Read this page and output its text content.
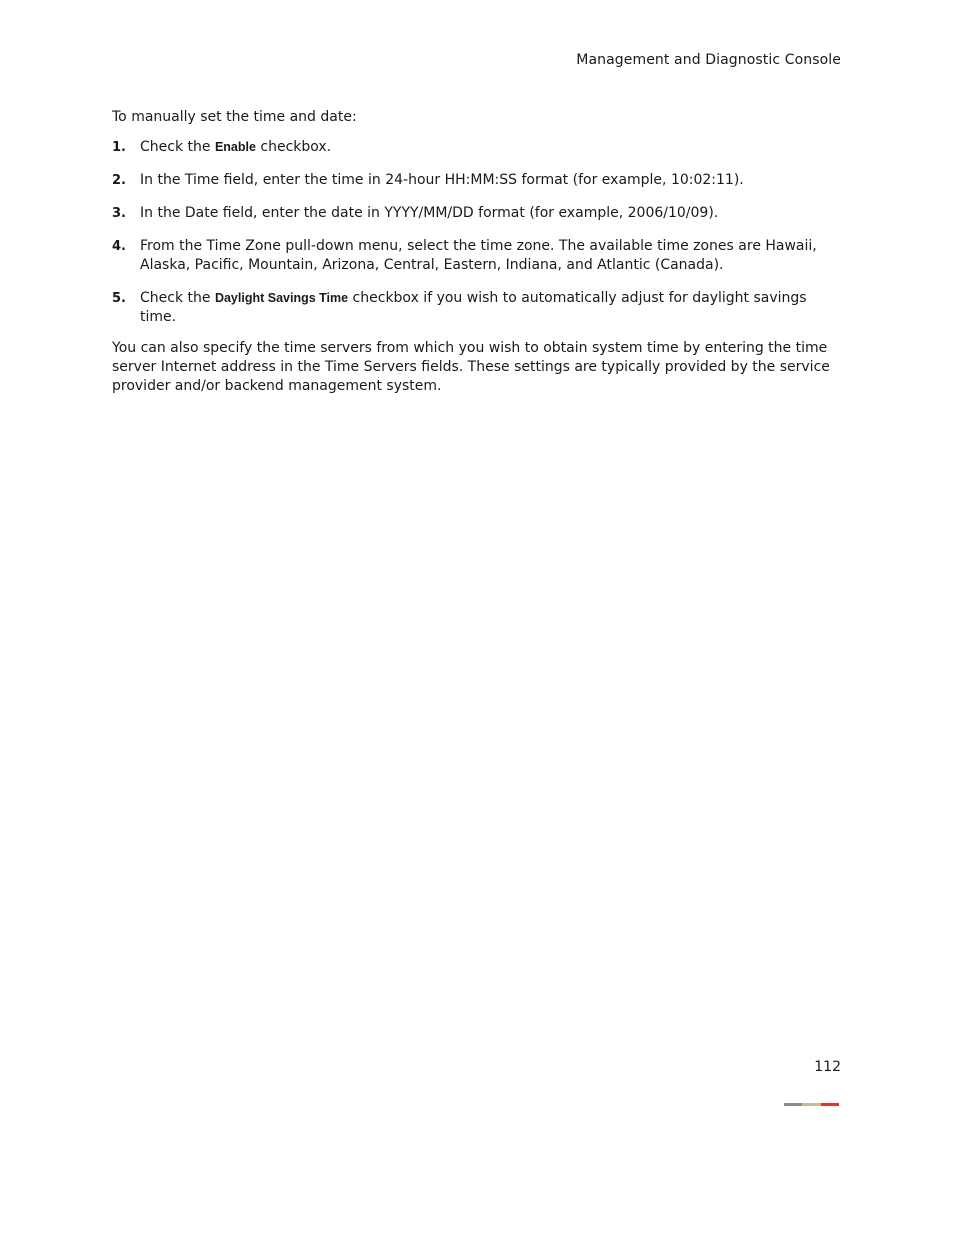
Management and Diagnostic Console

To manually set the time and date:

1. Check the Enable checkbox.
2. In the Time field, enter the time in 24-hour HH:MM:SS format (for example, 10:02:11).
3. In the Date field, enter the date in YYYY/MM/DD format (for example, 2006/10/09).
4. From the Time Zone pull-down menu, select the time zone. The available time zones are Hawaii, Alaska, Pacific, Mountain, Arizona, Central, Eastern, Indiana, and Atlantic (Canada).
5. Check the Daylight Savings Time checkbox if you wish to automatically adjust for daylight savings time.

You can also specify the time servers from which you wish to obtain system time by entering the time server Internet address in the Time Servers fields. These settings are typically provided by the service provider and/or backend management system.

112
